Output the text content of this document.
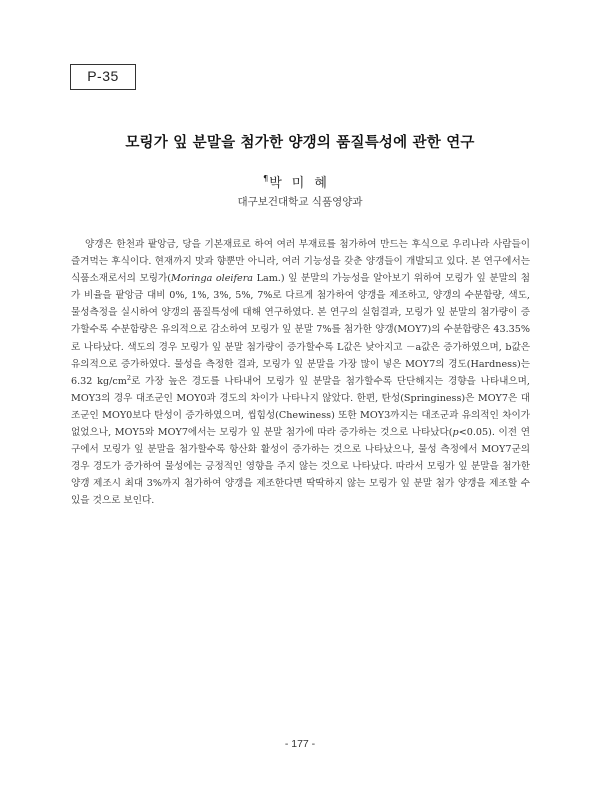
P-35
모링가 잎 분말을 첨가한 양갱의 품질특성에 관한 연구
¶박미혜
대구보건대학교 식품영양과

양갱은 한천과 팥앙금, 당을 기본재료로 하여 여러 부재료를 첨가하여 만드는 후식으로 우리나라 사람들이 즐겨먹는 후식이다. 현재까지 맛과 향뿐만 아니라, 여러 기능성을 갖춘 양갱들이 개발되고 있다. 본 연구에서는 식품소재로서의 모링가(Moringa oleifera Lam.) 잎 분말의 가능성을 알아보기 위하여 모링가 잎 분말의 첨가 비율을 팥앙금 대비 0%, 1%, 3%, 5%, 7%로 다르게 첨가하여 양갱을 제조하고, 양갱의 수분함량, 색도, 물성측정을 실시하여 양갱의 품질특성에 대해 연구하였다. 본 연구의 실험결과, 모링가 잎 분말의 첨가량이 증가할수록 수분함량은 유의적으로 감소하여 모링가 잎 분말 7%를 첨가한 양갱(MOY7)의 수분함량은 43.35%로 나타났다. 색도의 경우 모링가 잎 분말 첨가량이 증가할수록 L값은 낮아지고 －a값은 증가하였으며, b값은 유의적으로 증가하였다. 물성을 측정한 결과, 모링가 잎 분말을 가장 많이 넣은 MOY7의 경도(Hardness)는 6.32 $kg/cm^2$로 가장 높은 경도를 나타내어 모링가 잎 분말을 첨가할수록 단단해지는 경향을 나타내으며, MOY3의 경우 대조군인 MOY0과 경도의 차이가 나타나지 않았다. 한편, 탄성(Springiness)은 MOY7은 대조군인 MOY0보다 탄성이 증가하였으며, 씹힘성(Chewiness) 또한 MOY3까지는 대조군과 유의적인 차이가 없었으나, MOY5와 MOY7에서는 모링가 잎 분말 첨가에 따라 증가하는 것으로 나타났다(p<0.05). 이전 연구에서 모링가 잎 분말을 첨가할수록 항산화 활성이 증가하는 것으로 나타났으나, 물성 측정에서 MOY7군의 경우 경도가 증가하여 물성에는 긍정적인 영향을 주지 않는 것으로 나타났다. 따라서 모링가 잎 분말을 첨가한 양갱 제조시 최대 3%까지 첨가하여 양갱을 제조한다면 딱딱하지 않는 모링가 잎 분말 첨가 양갱을 제조할 수 있을 것으로 보인다.

- 177 -
